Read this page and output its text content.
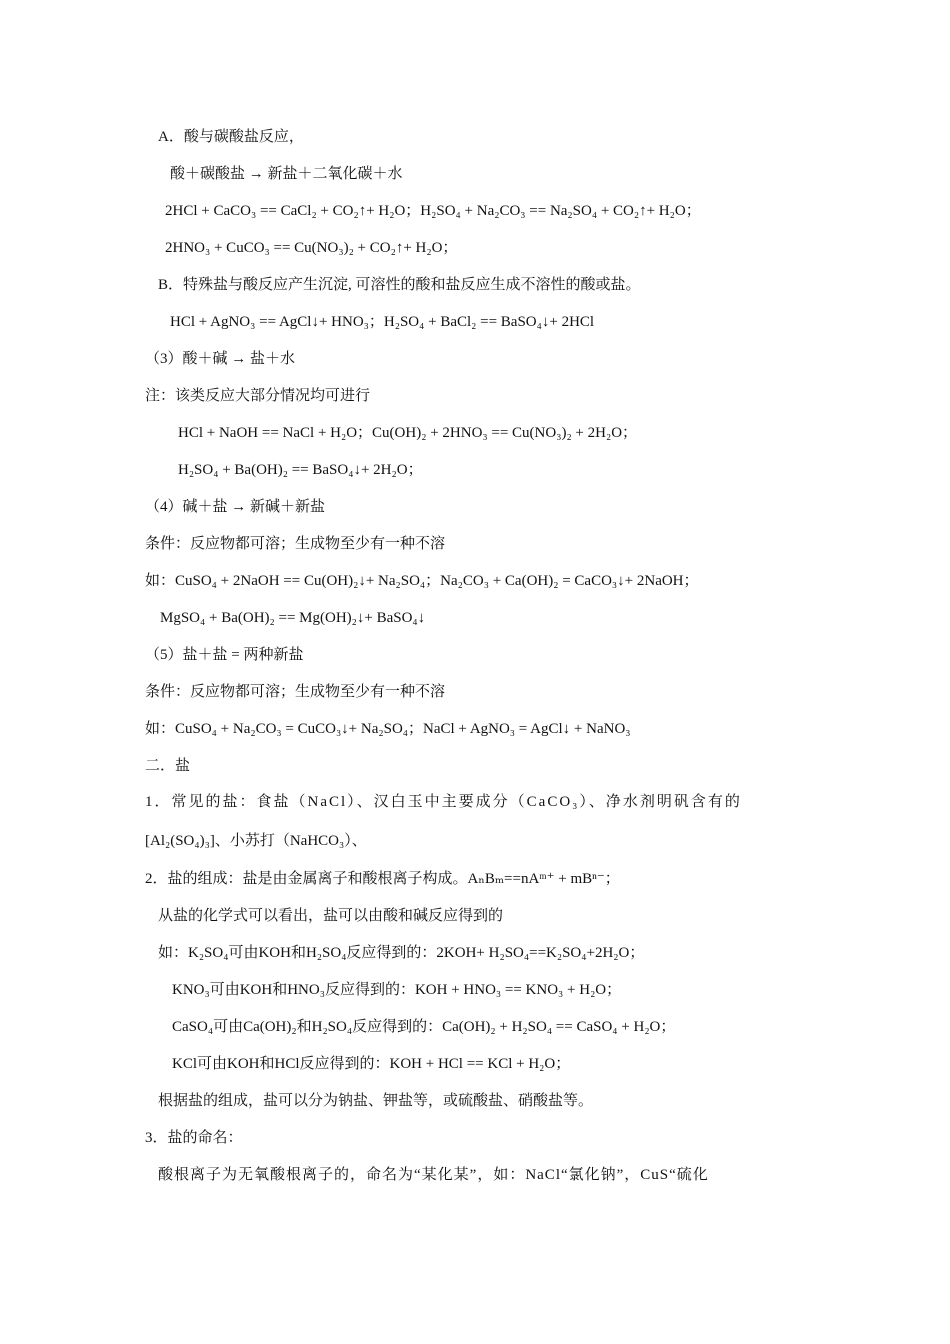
A．酸与碳酸盐反应，
酸＋碳酸盐 → 新盐＋二氧化碳＋水
2HCl + CaCO₃ == CaCl₂ + CO₂↑+ H₂O；H₂SO₄ + Na₂CO₃ == Na₂SO₄ + CO₂↑+ H₂O；
2HNO₃ + CuCO₃ == Cu(NO₃)₂ + CO₂↑+ H₂O；
B．特殊盐与酸反应产生沉淀, 可溶性的酸和盐反应生成不溶性的酸或盐。
HCl + AgNO₃ == AgCl↓+ HNO₃；H₂SO₄ + BaCl₂ == BaSO₄↓+ 2HCl
（3）酸＋碱 → 盐＋水
注：该类反应大部分情况均可进行
HCl + NaOH == NaCl + H₂O；Cu(OH)₂ + 2HNO₃ == Cu(NO₃)₂ + 2H₂O；
H₂SO₄ + Ba(OH)₂ == BaSO₄↓+ 2H₂O；
（4）碱＋盐 → 新碱＋新盐
条件：反应物都可溶；生成物至少有一种不溶
如：CuSO₄ + 2NaOH == Cu(OH)₂↓+ Na₂SO₄；Na₂CO₃ + Ca(OH)₂ = CaCO₃↓+ 2NaOH；
MgSO₄ + Ba(OH)₂ == Mg(OH)₂↓+ BaSO₄↓
（5）盐＋盐 = 两种新盐
条件：反应物都可溶；生成物至少有一种不溶
如：CuSO₄ + Na₂CO₃ = CuCO₃↓+ Na₂SO₄；NaCl + AgNO₃ = AgCl↓ + NaNO₃
二．盐
1．常见的盐：食盐（NaCl）、汉白玉中主要成分（CaCO₃）、净水剂明矾含有的
[Al₂(SO₄)₃]、小苏打（NaHCO₃）、
2．盐的组成：盐是由金属离子和酸根离子构成。AₙBₘ==nAᵐ⁺ + mBⁿ⁻；
从盐的化学式可以看出，盐可以由酸和碱反应得到的
如：K₂SO₄可由KOH和H₂SO₄反应得到的：2KOH+ H₂SO₄==K₂SO₄+2H₂O；
KNO₃可由KOH和HNO₃反应得到的：KOH + HNO₃ == KNO₃ + H₂O；
CaSO₄可由Ca(OH)₂和H₂SO₄反应得到的：Ca(OH)₂ + H₂SO₄ == CaSO₄ + H₂O；
KCl可由KOH和HCl反应得到的：KOH + HCl == KCl + H₂O；
根据盐的组成，盐可以分为钠盐、钾盐等，或硫酸盐、硝酸盐等。
3．盐的命名：
酸根离子为无氧酸根离子的，命名为“某化某”，如：NaCl“氯化钠”，CuS“硫化
